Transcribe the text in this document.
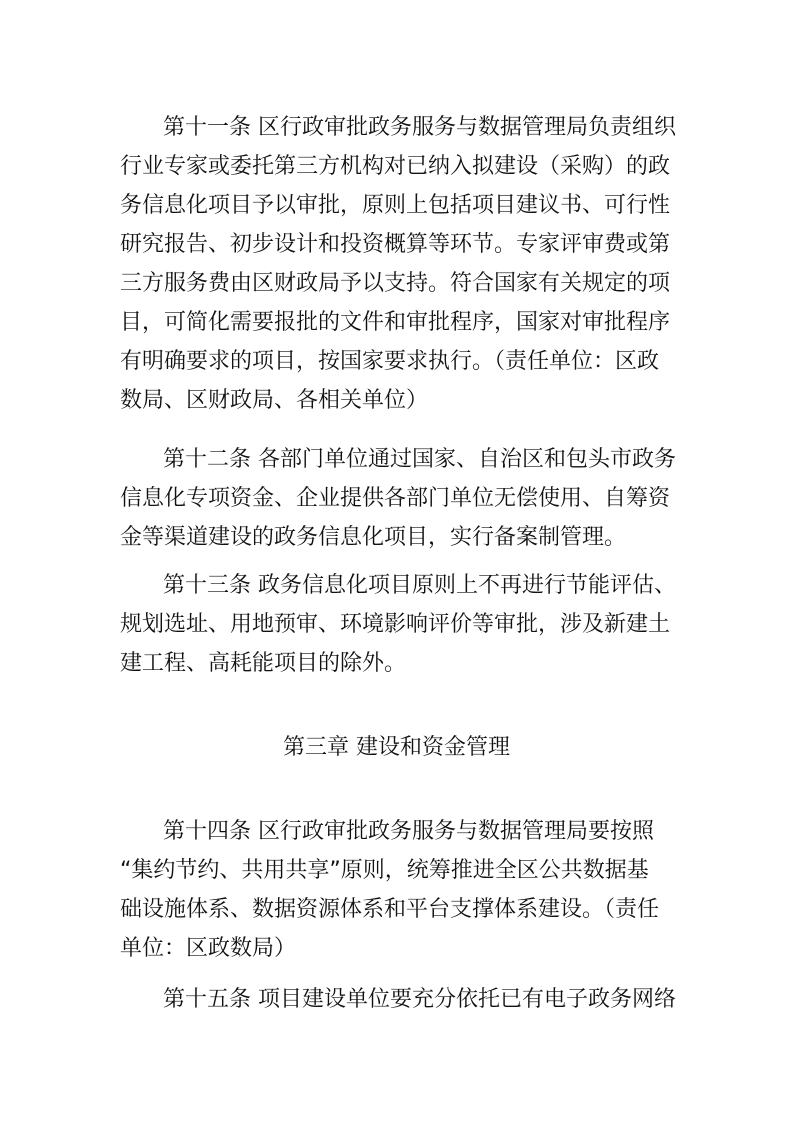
第十一条 区行政审批政务服务与数据管理局负责组织
行业专家或委托第三方机构对已纳入拟建设（采购）的政
务信息化项目予以审批，原则上包括项目建议书、可行性
研究报告、初步设计和投资概算等环节。专家评审费或第
三方服务费由区财政局予以支持。符合国家有关规定的项
目，可简化需要报批的文件和审批程序，国家对审批程序
有明确要求的项目，按国家要求执行。（责任单位：区政
数局、区财政局、各相关单位）
第十二条 各部门单位通过国家、自治区和包头市政务
信息化专项资金、企业提供各部门单位无偿使用、自筹资
金等渠道建设的政务信息化项目，实行备案制管理。
第十三条 政务信息化项目原则上不再进行节能评估、
规划选址、用地预审、环境影响评价等审批，涉及新建土
建工程、高耗能项目的除外。
第三章 建设和资金管理
第十四条 区行政审批政务服务与数据管理局要按照
“集约节约、共用共享”原则，统筹推进全区公共数据基
础设施体系、数据资源体系和平台支撑体系建设。（责任
单位：区政数局）
第十五条 项目建设单位要充分依托已有电子政务网络
